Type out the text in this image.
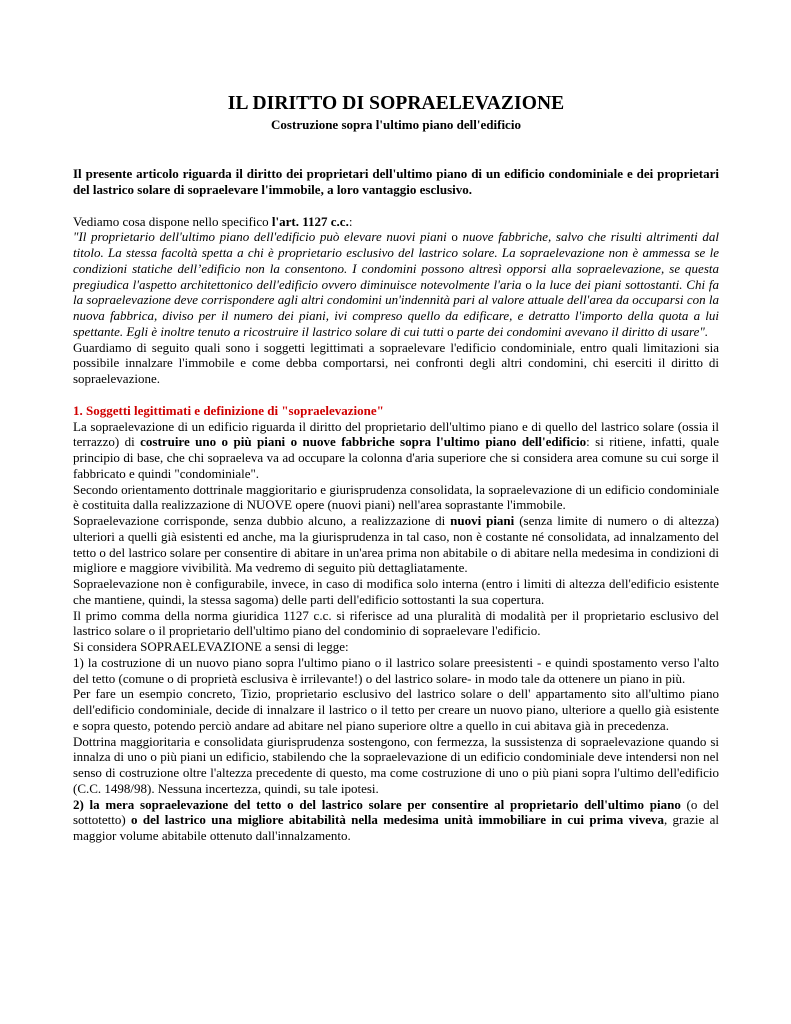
IL DIRITTO DI SOPRAELEVAZIONE
Costruzione sopra l'ultimo piano dell'edificio

Il presente articolo riguarda il diritto dei proprietari dell'ultimo piano di un edificio condominiale e dei proprietari del lastrico solare di sopraelevare l'immobile, a loro vantaggio esclusivo.

Vediamo cosa dispone nello specifico l'art. 1127 c.c.:

"Il proprietario dell'ultimo piano dell'edificio può elevare nuovi piani o nuove fabbriche, salvo che risulti altrimenti dal titolo. La stessa facoltà spetta a chi è proprietario esclusivo del lastrico solare. La sopraelevazione non è ammessa se le condizioni statiche dell’edificio non la consentono. I condomini possono altresì opporsi alla sopraelevazione, se questa pregiudica l'aspetto architettonico dell'edificio ovvero diminuisce notevolmente l'aria o la luce dei piani sottostanti. Chi fa la sopraelevazione deve corrispondere agli altri condomini un'indennità pari al valore attuale dell'area da occuparsi con la nuova fabbrica, diviso per il numero dei piani, ivi compreso quello da edificare, e detratto l'importo della quota a lui spettante. Egli è inoltre tenuto a ricostruire il lastrico solare di cui tutti o parte dei condomini avevano il diritto di usare".

Guardiamo di seguito quali sono i soggetti legittimati a sopraelevare l'edificio condominiale, entro quali limitazioni sia possibile innalzare l'immobile e come debba comportarsi, nei confronti degli altri condomini, chi eserciti il diritto di sopraelevazione.

1. Soggetti legittimati e definizione di "sopraelevazione"

La sopraelevazione di un edificio riguarda il diritto del proprietario dell'ultimo piano e di quello del lastrico solare (ossia il terrazzo) di costruire uno o più piani o nuove fabbriche sopra l'ultimo piano dell'edificio: si ritiene, infatti, quale principio di base, che chi sopraeleva va ad occupare la colonna d'aria superiore che si considera area comune su cui sorge il fabbricato e quindi "condominiale".

Secondo orientamento dottrinale maggioritario e giurisprudenza consolidata, la sopraelevazione di un edificio condominiale è costituita dalla realizzazione di NUOVE opere (nuovi piani) nell'area soprastante l'immobile.

Sopraelevazione corrisponde, senza dubbio alcuno, a realizzazione di nuovi piani (senza limite di numero o di altezza) ulteriori a quelli già esistenti ed anche, ma la giurisprudenza in tal caso, non è costante né consolidata, ad innalzamento del tetto o del lastrico solare per consentire di abitare in un'area prima non abitabile o di abitare nella medesima in condizioni di migliore e maggiore vivibilità. Ma vedremo di seguito più dettagliatamente.

Sopraelevazione non è configurabile, invece, in caso di modifica solo interna (entro i limiti di altezza dell'edificio esistente che mantiene, quindi, la stessa sagoma) delle parti dell'edificio sottostanti la sua copertura.

Il primo comma della norma giuridica 1127 c.c. si riferisce ad una pluralità di modalità per il proprietario esclusivo del lastrico solare o il proprietario dell'ultimo piano del condominio di sopraelevare l'edificio.

Si considera SOPRAELEVAZIONE a sensi di legge:

1) la costruzione di un nuovo piano sopra l'ultimo piano o il lastrico solare preesistenti - e quindi spostamento verso l'alto del tetto (comune o di proprietà esclusiva è irrilevante!) o del lastrico solare- in modo tale da ottenere un piano in più.

Per fare un esempio concreto, Tizio, proprietario esclusivo del lastrico solare o dell' appartamento sito all'ultimo piano dell'edificio condominiale, decide di innalzare il lastrico o il tetto per creare un nuovo piano, ulteriore a quello già esistente e sopra questo, potendo perciò andare ad abitare nel piano superiore oltre a quello in cui abitava già in precedenza.

Dottrina maggioritaria e consolidata giurisprudenza sostengono, con fermezza, la sussistenza di sopraelevazione quando si innalza di uno o più piani un edificio, stabilendo che la sopraelevazione di un edificio condominiale deve intendersi non nel senso di costruzione oltre l'altezza precedente di questo, ma come costruzione di uno o più piani sopra l'ultimo dell'edificio (C.C. 1498/98). Nessuna incertezza, quindi, su tale ipotesi.

2) la mera sopraelevazione del tetto o del lastrico solare per consentire al proprietario dell'ultimo piano (o del sottotetto) o del lastrico una migliore abitabilità nella medesima unità immobiliare in cui prima viveva, grazie al maggior volume abitabile ottenuto dall'innalzamento.
